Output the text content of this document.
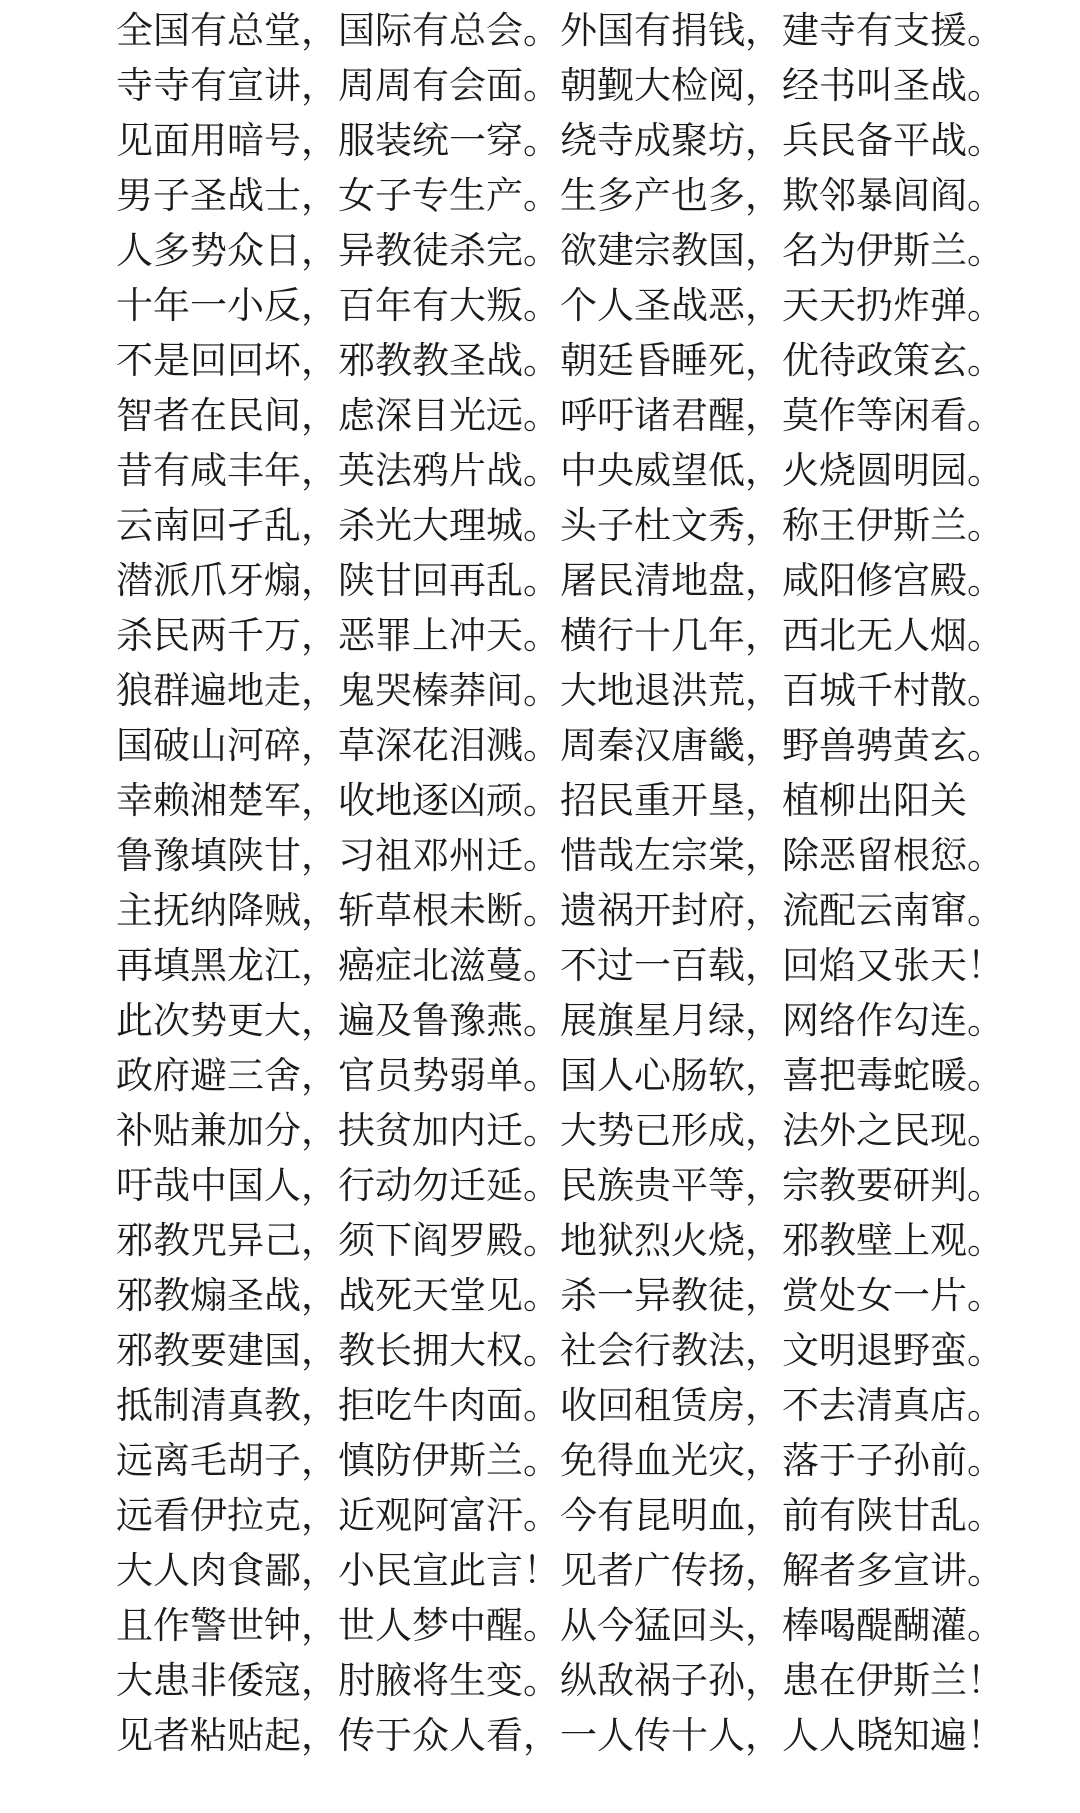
全国有总堂，国际有总会。外国有捐钱，建寺有支援。
寺寺有宣讲，周周有会面。朝觐大检阅，经书叫圣战。
见面用暗号，服装统一穿。绕寺成聚坊，兵民备平战。
男子圣战士，女子专生产。生多产也多，欺邻暴闾阎。
人多势众日，异教徒杀完。欲建宗教国，名为伊斯兰。
十年一小反，百年有大叛。个人圣战恶，天天扔炸弹。
不是回回坏，邪教教圣战。朝廷昏睡死，优待政策玄。
智者在民间，虑深目光远。呼吁诸君醒，莫作等闲看。
昔有咸丰年，英法鸦片战。中央威望低，火烧圆明园。
云南回孑乱，杀光大理城。头子杜文秀，称王伊斯兰。
潜派爪牙煽，陕甘回再乱。屠民清地盘，咸阳修宫殿。
杀民两千万，恶罪上冲天。横行十几年，西北无人烟。
狼群遍地走，鬼哭榛莽间。大地退洪荒，百城千村散。
国破山河碎，草深花泪溅。周秦汉唐畿，野兽骋黄玄。
幸赖湘楚军，收地逐凶顽。招民重开垦，植柳出阳关
鲁豫填陕甘，习祖邓州迁。惜哉左宗棠，除恶留根愆。
主抚纳降贼，斩草根未断。遗祸开封府，流配云南窜。
再填黑龙江，癌症北滋蔓。不过一百载，回焰又张天！
此次势更大，遍及鲁豫燕。展旗星月绿，网络作勾连。
政府避三舍，官员势弱单。国人心肠软，喜把毒蛇暖。
补贴兼加分，扶贫加内迁。大势已形成，法外之民现。
吁哉中国人，行动勿迁延。民族贵平等，宗教要研判。
邪教咒异己，须下阎罗殿。地狱烈火烧，邪教壁上观。
邪教煽圣战，战死天堂见。杀一异教徒，赏处女一片。
邪教要建国，教长拥大权。社会行教法，文明退野蛮。
抵制清真教，拒吃牛肉面。收回租赁房，不去清真店。
远离毛胡子，慎防伊斯兰。免得血光灾，落于子孙前。
远看伊拉克，近观阿富汗。今有昆明血，前有陕甘乱。
大人肉食鄙，小民宣此言！见者广传扬，解者多宣讲。
且作警世钟，世人梦中醒。从今猛回头，棒喝醍醐灌。
大患非倭寇，肘腋将生变。纵敌祸子孙，患在伊斯兰！
见者粘贴起，传于众人看，一人传十人，人人晓知遍！
